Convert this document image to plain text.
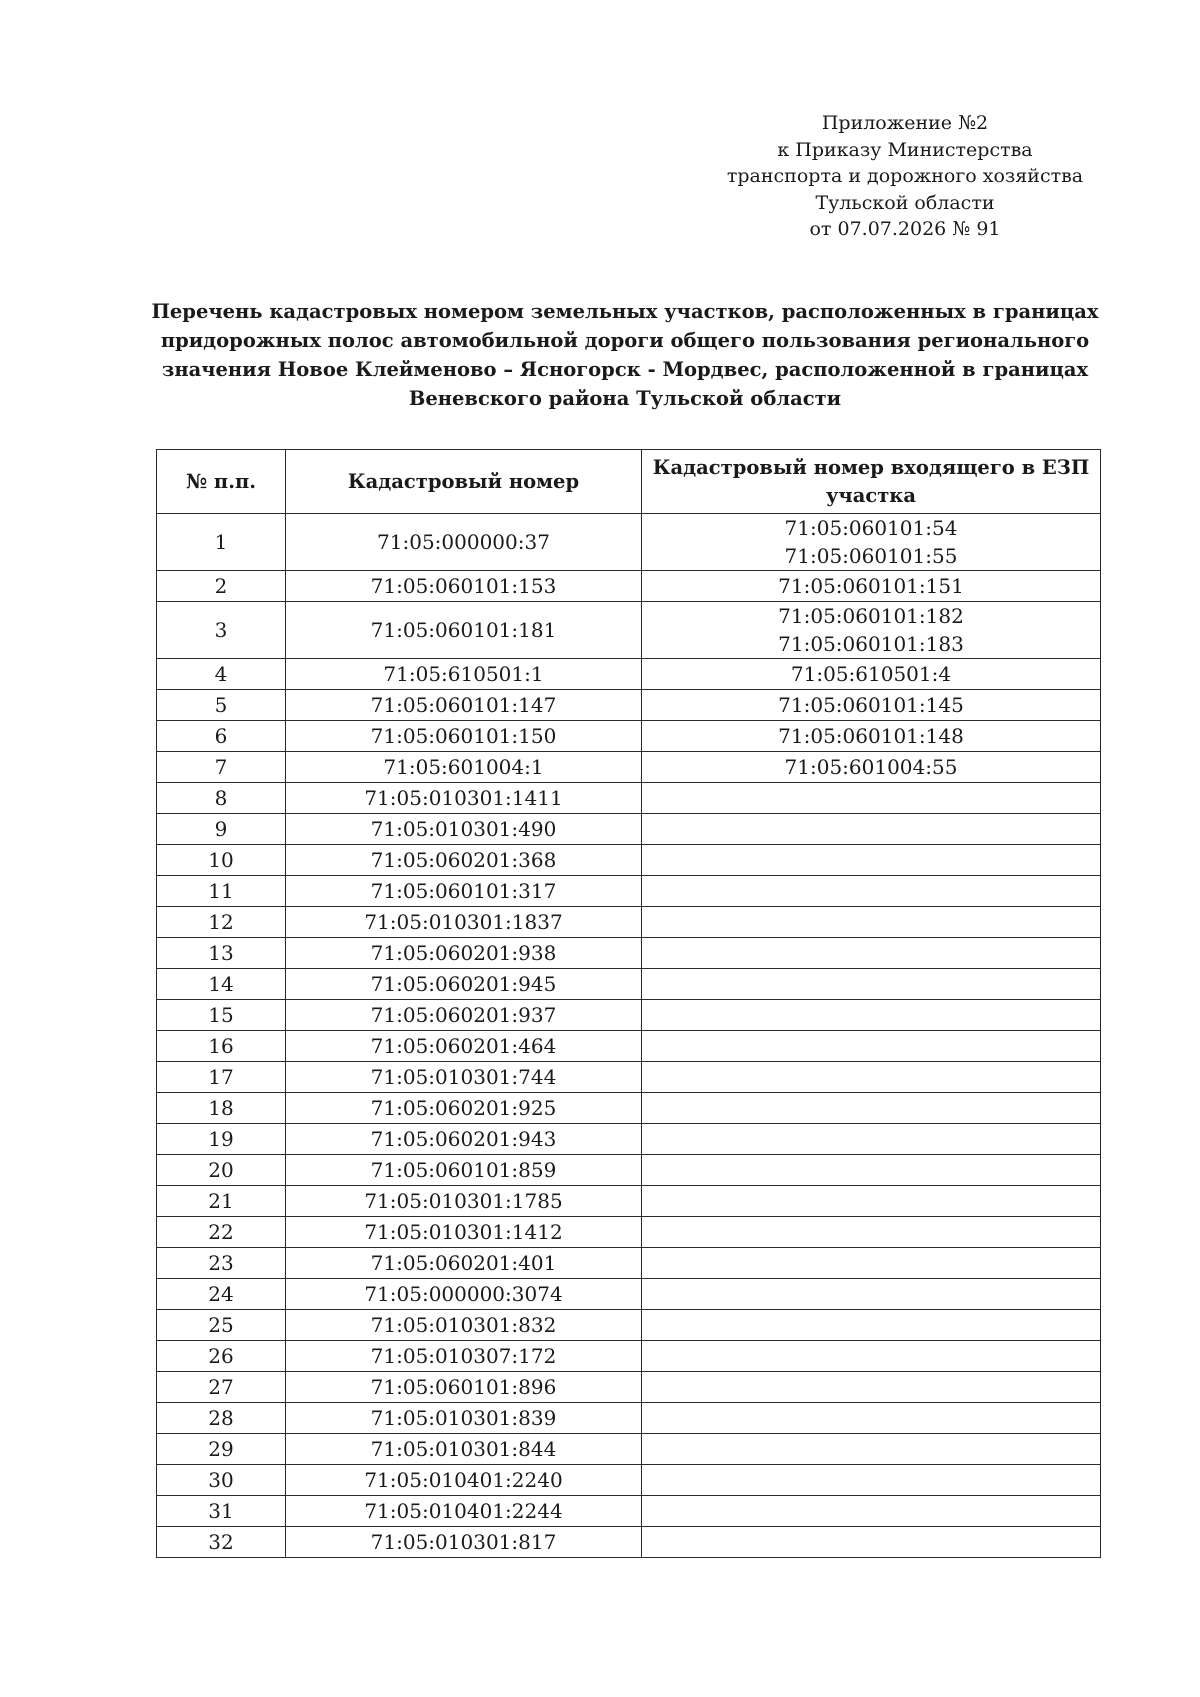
Приложение №2
к Приказу Министерства
транспорта и дорожного хозяйства
Тульской области
от 07.07.2026 № 91
Перечень кадастровых номером земельных участков, расположенных в границах
придорожных полос автомобильной дороги общего пользования регионального
значения Новое Клейменово – Ясногорск - Мордвес, расположенной в границах
Веневского района Тульской области
№ п.п.	Кадастровый номер	Кадастровый номер входящего в ЕЗП
участка

1	71:05:000000:37	71:05:060101:54
71:05:060101:55

2	71:05:060101:153	71:05:060101:151

3	71:05:060101:181	71:05:060101:182
71:05:060101:183

4	71:05:610501:1	71:05:610501:4

5	71:05:060101:147	71:05:060101:145

6	71:05:060101:150	71:05:060101:148

7	71:05:601004:1	71:05:601004:55

8	71:05:010301:1411	
9	71:05:010301:490	
10	71:05:060201:368	
11	71:05:060101:317	
12	71:05:010301:1837	
13	71:05:060201:938	
14	71:05:060201:945	
15	71:05:060201:937	
16	71:05:060201:464	
17	71:05:010301:744	
18	71:05:060201:925	
19	71:05:060201:943	
20	71:05:060101:859	
21	71:05:010301:1785	
22	71:05:010301:1412	
23	71:05:060201:401	
24	71:05:000000:3074	
25	71:05:010301:832	
26	71:05:010307:172	
27	71:05:060101:896	
28	71:05:010301:839	
29	71:05:010301:844	
30	71:05:010401:2240	
31	71:05:010401:2244	
32	71:05:010301:817	
